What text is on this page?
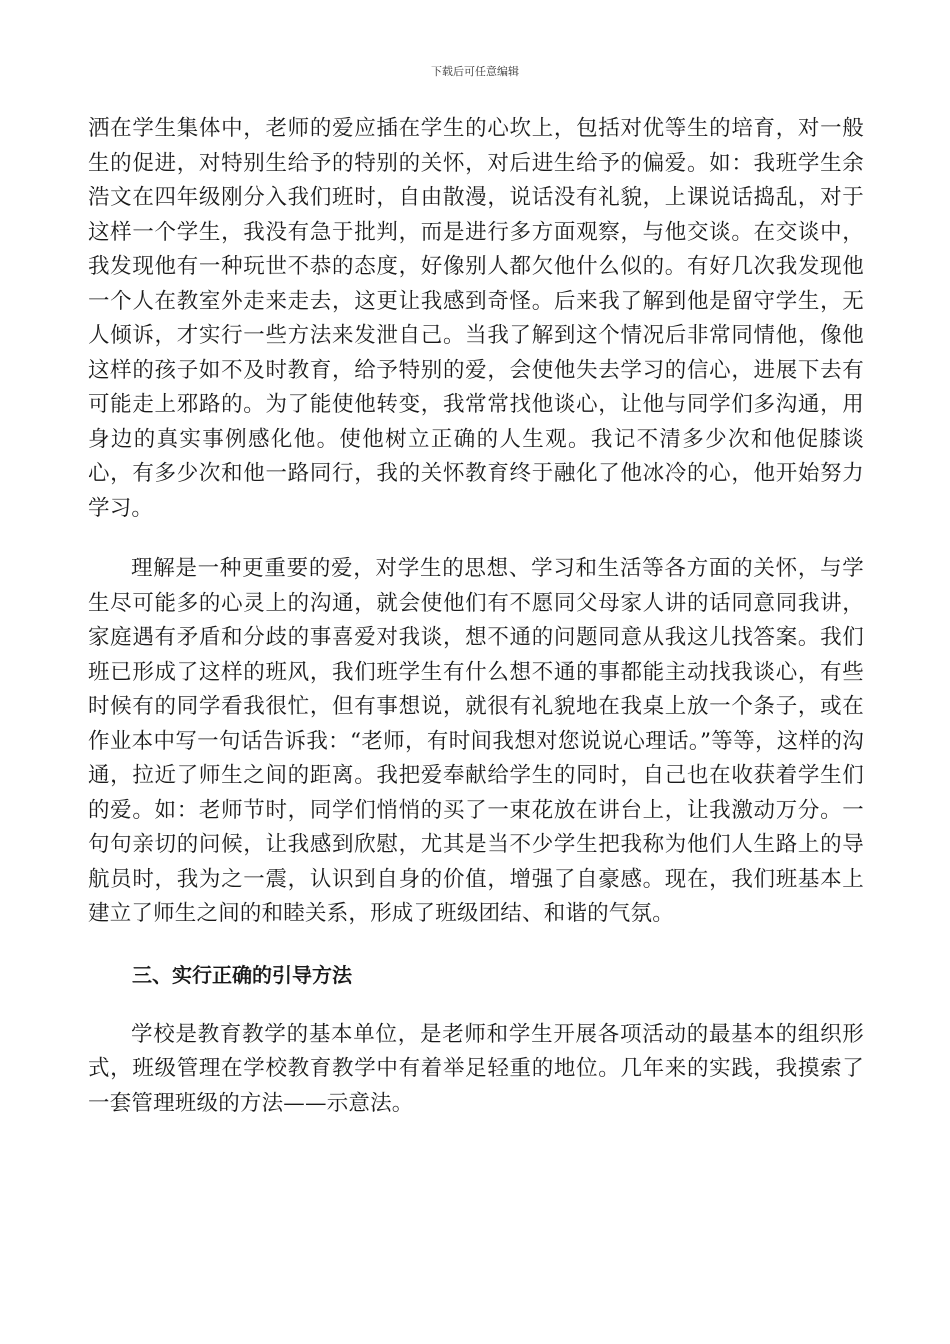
下载后可任意编辑

洒在学生集体中，老师的爱应插在学生的心坎上，包括对优等生的培育，对一般生的促进，对特别生给予的特别的关怀，对后进生给予的偏爱。如：我班学生余浩文在四年级刚分入我们班时，自由散漫，说话没有礼貌，上课说话捣乱，对于这样一个学生，我没有急于批判，而是进行多方面观察，与他交谈。在交谈中，我发现他有一种玩世不恭的态度，好像别人都欠他什么似的。有好几次我发现他一个人在教室外走来走去，这更让我感到奇怪。后来我了解到他是留守学生，无人倾诉，才实行一些方法来发泄自己。当我了解到这个情况后非常同情他，像他这样的孩子如不及时教育，给予特别的爱，会使他失去学习的信心，进展下去有可能走上邪路的。为了能使他转变，我常常找他谈心，让他与同学们多沟通，用身边的真实事例感化他。使他树立正确的人生观。我记不清多少次和他促膝谈心，有多少次和他一路同行，我的关怀教育终于融化了他冰冷的心，他开始努力学习。

理解是一种更重要的爱，对学生的思想、学习和生活等各方面的关怀，与学生尽可能多的心灵上的沟通，就会使他们有不愿同父母家人讲的话同意同我讲，家庭遇有矛盾和分歧的事喜爱对我谈，想不通的问题同意从我这儿找答案。我们班已形成了这样的班风，我们班学生有什么想不通的事都能主动找我谈心，有些时候有的同学看我很忙，但有事想说，就很有礼貌地在我桌上放一个条子，或在作业本中写一句话告诉我：“老师，有时间我想对您说说心理话。”等等，这样的沟通，拉近了师生之间的距离。我把爱奉献给学生的同时，自己也在收获着学生们的爱。如：老师节时，同学们悄悄的买了一束花放在讲台上，让我激动万分。一句句亲切的问候，让我感到欣慰，尤其是当不少学生把我称为他们人生路上的导航员时，我为之一震，认识到自身的价值，增强了自豪感。现在，我们班基本上建立了师生之间的和睦关系，形成了班级团结、和谐的气氛。

三、实行正确的引导方法

学校是教育教学的基本单位，是老师和学生开展各项活动的最基本的组织形式，班级管理在学校教育教学中有着举足轻重的地位。几年来的实践，我摸索了一套管理班级的方法——示意法。
